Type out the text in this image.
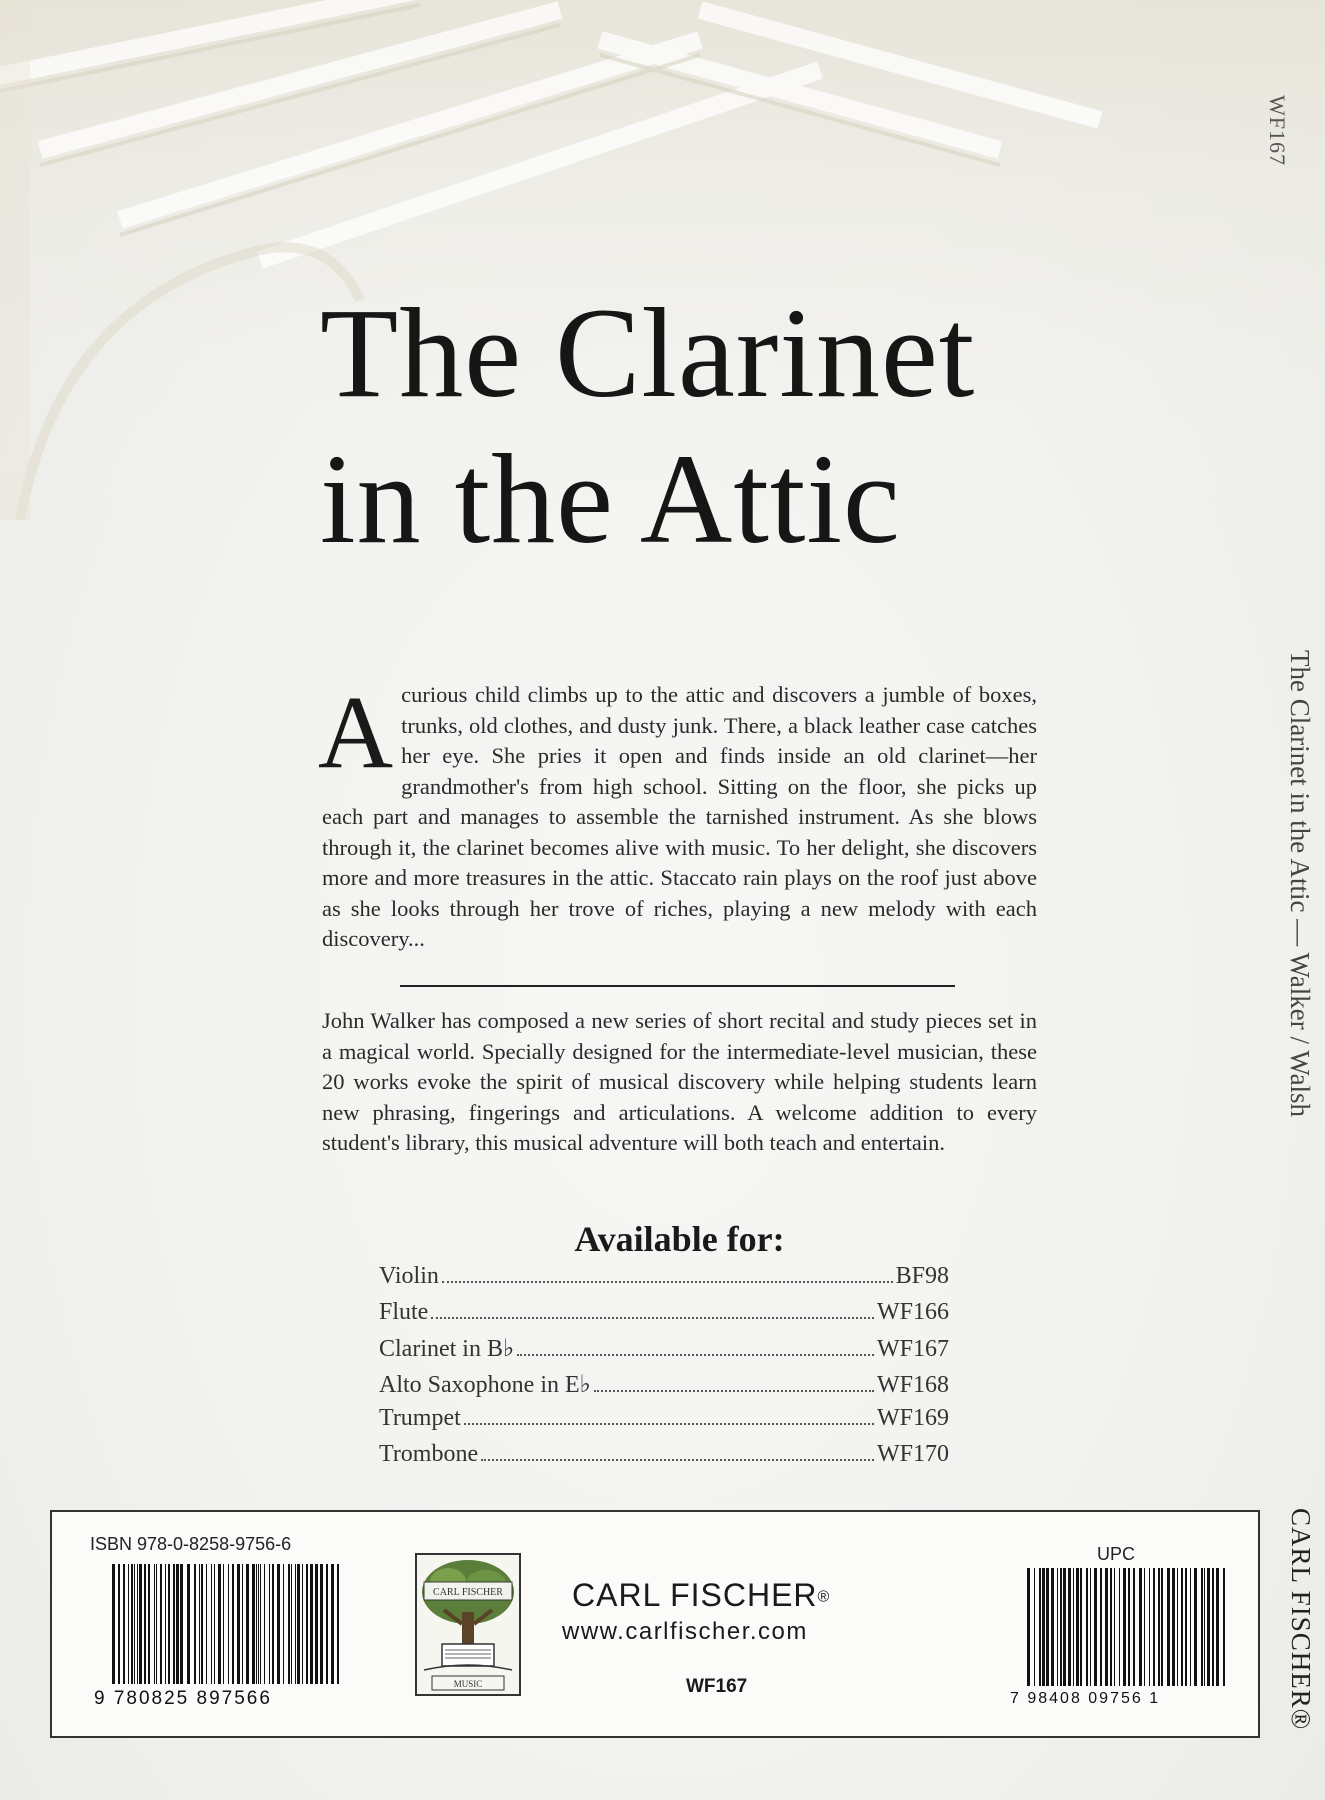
WF167
The Clarinet in the Attic — Walker / Walsh
CARL FISCHER®
The Clarinet
in the Attic

Acurious child climbs up to the attic and discovers a jumble of boxes, trunks, old clothes, and dusty junk. There, a black leather case catches her eye. She pries it open and finds inside an old clarinet—her grandmother's from high school. Sitting on the floor, she picks up each part and manages to assemble the tarnished instrument. As she blows through it, the clarinet becomes alive with music. To her delight, she discovers more and more treasures in the attic. Staccato rain plays on the roof just above as she looks through her trove of riches, playing a new melody with each discovery...

John Walker has composed a new series of short recital and study pieces set in a magical world. Specially designed for the intermediate-level musician, these 20 works evoke the spirit of musical discovery while helping students learn new phrasing, fingerings and articulations. A welcome addition to every student's library, this musical adventure will both teach and entertain.

Available for:
Violin	BF98
Flute	WF166
Clarinet in B♭	WF167
Alto Saxophone in E♭	WF168
Trumpet	WF169
Trombone	WF170
ISBN 978-0-8258-9756-6
9 780825 897566
CARL FISCHER
MUSIC
CARL FISCHER®
www.carlfischer.com
WF167
UPC
7 98408 09756 1
